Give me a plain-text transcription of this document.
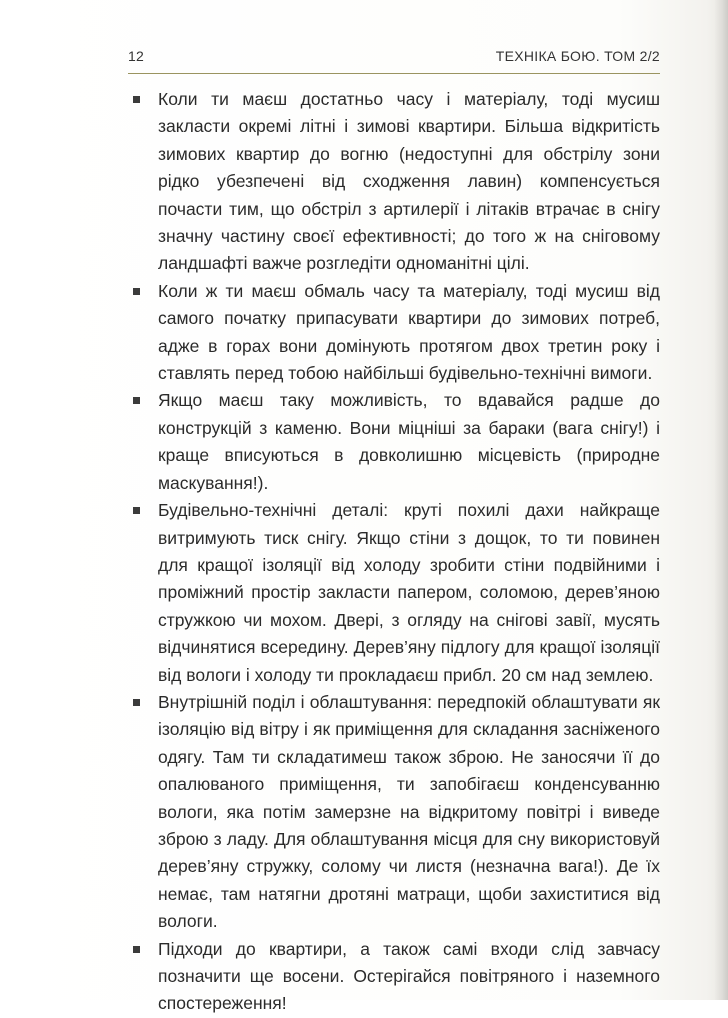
12	ТЕХНІКА БОЮ. ТОМ 2/2
Коли ти маєш достатньо часу і матеріалу, тоді мусиш закласти окремі літні і зимові квартири. Більша відкритість зимових квартир до вогню (недоступні для обстрілу зони рідко убезпечені від сходження лавин) компенсується почасти тим, що обстріл з артилерії і літаків втрачає в снігу значну частину своєї ефективності; до того ж на сніговому ландшафті важче розгледіти одноманітні цілі.
Коли ж ти маєш обмаль часу та матеріалу, тоді мусиш від самого початку припасувати квартири до зимових потреб, адже в горах вони домінують протягом двох третин року і ставлять перед тобою найбільші будівельно-технічні вимоги.
Якщо маєш таку можливість, то вдавайся радше до конструкцій з каменю. Вони міцніші за бараки (вага снігу!) і краще вписуються в довколишню місцевість (природне маскування!).
Будівельно-технічні деталі: круті похилі дахи найкраще витримують тиск снігу. Якщо стіни з дощок, то ти повинен для кращої ізоляції від холоду зробити стіни подвійними і проміжний простір закласти папером, соломою, дерев’яною стружкою чи мохом. Двері, з огляду на снігові завії, мусять відчинятися всередину. Дерев’яну підлогу для кращої ізоляції від вологи і холоду ти прокладаєш прибл. 20 см над землею.
Внутрішній поділ і облаштування: передпокій облаштувати як ізоляцію від вітру і як приміщення для складання засніженого одягу. Там ти складатимеш також зброю. Не заносячи її до опалюваного приміщення, ти запобігаєш конденсуванню вологи, яка потім замерзне на відкритому повітрі і виведе зброю з ладу. Для облаштування місця для сну використовуй дерев’яну стружку, солому чи листя (незначна вага!). Де їх немає, там натягни дротяні матраци, щоби захиститися від вологи.
Підходи до квартири, а також самі входи слід завчасу позначити ще восени. Остерігайся повітряного і наземного спостереження!
